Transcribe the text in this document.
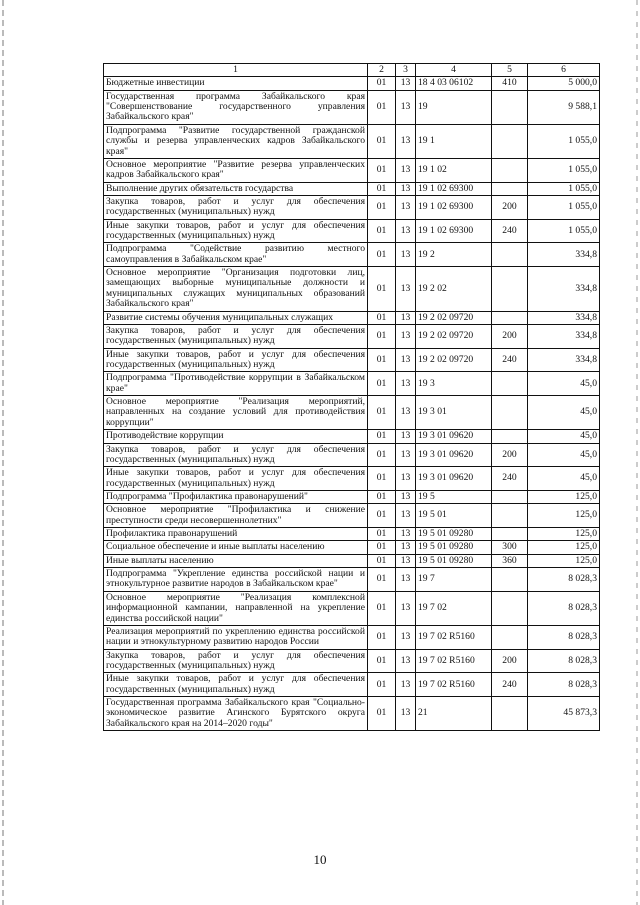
1	2	3	4	5	6
Бюджетные инвестиции	01	13	18 4 03 06102	410	5 000,0
Государственная программа Забайкальского края "Совершенствование государственного управления Забайкальского края"	01	13	19		9 588,1
Подпрограмма "Развитие государственной гражданской службы и резерва управленческих кадров Забайкальского края"	01	13	19 1		1 055,0
Основное мероприятие "Развитие резерва управленческих кадров Забайкальского края"	01	13	19 1 02		1 055,0
Выполнение других обязательств государства	01	13	19 1 02 69300		1 055,0
Закупка товаров, работ и услуг для обеспечения государственных (муниципальных) нужд	01	13	19 1 02 69300	200	1 055,0
Иные закупки товаров, работ и услуг для обеспечения государственных (муниципальных) нужд	01	13	19 1 02 69300	240	1 055,0
Подпрограмма "Содействие развитию местного самоуправления в Забайкальском крае"	01	13	19 2		334,8
Основное мероприятие "Организация подготовки лиц, замещающих выборные муниципальные должности и муниципальных служащих муниципальных образований Забайкальского края"	01	13	19 2 02		334,8
Развитие системы обучения муниципальных служащих	01	13	19 2 02 09720		334,8
Закупка товаров, работ и услуг для обеспечения государственных (муниципальных) нужд	01	13	19 2 02 09720	200	334,8
Иные закупки товаров, работ и услуг для обеспечения государственных (муниципальных) нужд	01	13	19 2 02 09720	240	334,8
Подпрограмма "Противодействие коррупции в Забайкальском крае"	01	13	19 3		45,0
Основное мероприятие "Реализация мероприятий, направленных на создание условий для противодействия коррупции"	01	13	19 3 01		45,0
Противодействие коррупции	01	13	19 3 01 09620		45,0
Закупка товаров, работ и услуг для обеспечения государственных (муниципальных) нужд	01	13	19 3 01 09620	200	45,0
Иные закупки товаров, работ и услуг для обеспечения государственных (муниципальных) нужд	01	13	19 3 01 09620	240	45,0
Подпрограмма "Профилактика правонарушений"	01	13	19 5		125,0
Основное мероприятие "Профилактика и снижение преступности среди несовершеннолетних"	01	13	19 5 01		125,0
Профилактика правонарушений	01	13	19 5 01 09280		125,0
Социальное обеспечение и иные выплаты населению	01	13	19 5 01 09280	300	125,0
Иные выплаты населению	01	13	19 5 01 09280	360	125,0
Подпрограмма "Укрепление единства российской нации и этнокультурное развитие народов в Забайкальском крае"	01	13	19 7		8 028,3
Основное мероприятие "Реализация комплексной информационной кампании, направленной на укрепление единства российской нации"	01	13	19 7 02		8 028,3
Реализация мероприятий по укреплению единства российской нации и этнокультурному развитию народов России	01	13	19 7 02 R5160		8 028,3
Закупка товаров, работ и услуг для обеспечения государственных (муниципальных) нужд	01	13	19 7 02 R5160	200	8 028,3
Иные закупки товаров, работ и услуг для обеспечения государственных (муниципальных) нужд	01	13	19 7 02 R5160	240	8 028,3
Государственная программа Забайкальского края "Социально-экономическое развитие Агинского Бурятского округа Забайкальского края на 2014–2020 годы"	01	13	21		45 873,3
10
